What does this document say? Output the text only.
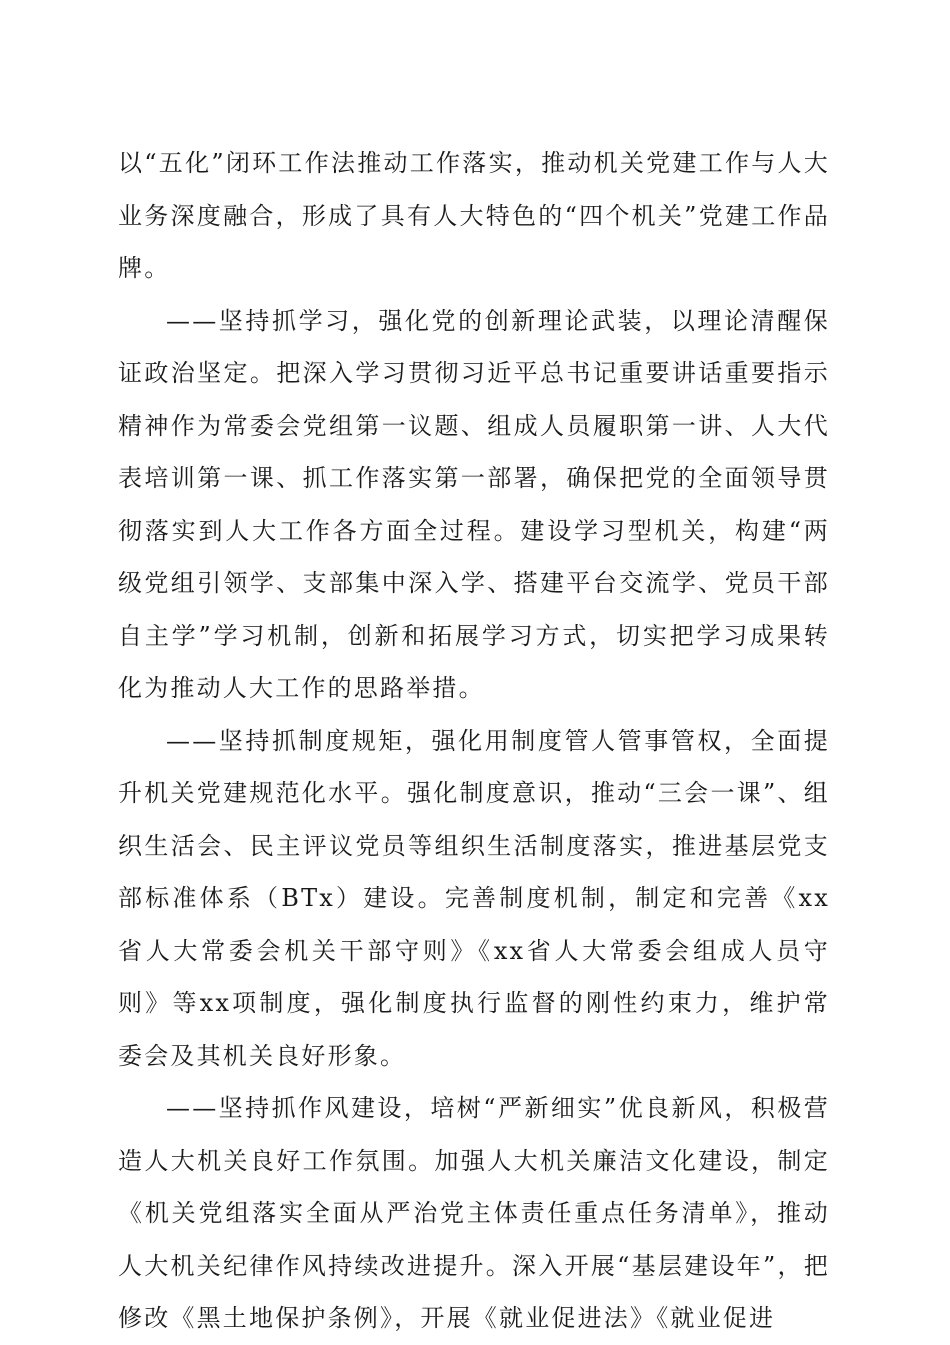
以“五化”闭环工作法推动工作落实，推动机关党建工作与人大业务深度融合，形成了具有人大特色的“四个机关”党建工作品牌。

——坚持抓学习，强化党的创新理论武装，以理论清醒保证政治坚定。把深入学习贯彻习近平总书记重要讲话重要指示精神作为常委会党组第一议题、组成人员履职第一讲、人大代表培训第一课、抓工作落实第一部署，确保把党的全面领导贯彻落实到人大工作各方面全过程。建设学习型机关，构建“两级党组引领学、支部集中深入学、搭建平台交流学、党员干部自主学”学习机制，创新和拓展学习方式，切实把学习成果转化为推动人大工作的思路举措。

——坚持抓制度规矩，强化用制度管人管事管权，全面提升机关党建规范化水平。强化制度意识，推动“三会一课”、组织生活会、民主评议党员等组织生活制度落实，推进基层党支部标准体系（BTx）建设。完善制度机制，制定和完善《xx省人大常委会机关干部守则》《xx省人大常委会组成人员守则》等xx项制度，强化制度执行监督的刚性约束力，维护常委会及其机关良好形象。

——坚持抓作风建设，培树“严新细实”优良新风，积极营造人大机关良好工作氛围。加强人大机关廉洁文化建设，制定《机关党组落实全面从严治党主体责任重点任务清单》，推动人大机关纪律作风持续改进提升。深入开展“基层建设年”，把修改《黑土地保护条例》，开展《就业促进法》《就业促进
